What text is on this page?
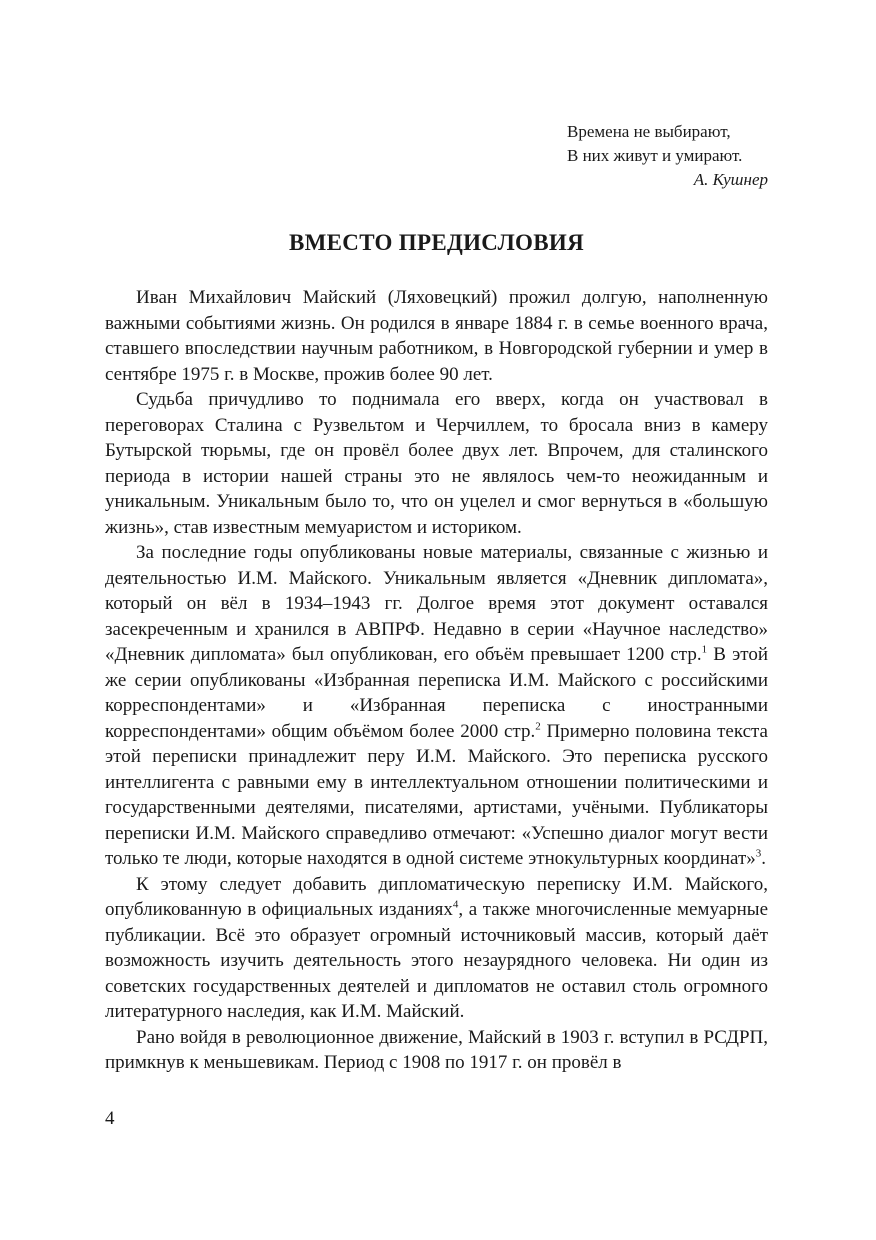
Времена не выбирают,
В них живут и умирают.
А. Кушнер
ВМЕСТО ПРЕДИСЛОВИЯ

Иван Михайлович Майский (Ляховецкий) прожил долгую, наполненную важными событиями жизнь. Он родился в январе 1884 г. в семье военного врача, ставшего впоследствии научным работником, в Новгородской губернии и умер в сентябре 1975 г. в Москве, прожив более 90 лет.

Судьба причудливо то поднимала его вверх, когда он участвовал в переговорах Сталина с Рузвельтом и Черчиллем, то бросала вниз в камеру Бутырской тюрьмы, где он провёл более двух лет. Впрочем, для сталинского периода в истории нашей страны это не являлось чем-то неожиданным и уникальным. Уникальным было то, что он уцелел и смог вернуться в «большую жизнь», став известным мемуаристом и историком.

За последние годы опубликованы новые материалы, связанные с жизнью и деятельностью И.М. Майского. Уникальным является «Дневник дипломата», который он вёл в 1934–1943 гг. Долгое время этот документ оставался засекреченным и хранился в АВПРФ. Недавно в серии «Научное наследство» «Дневник дипломата» был опубликован, его объём превышает 1200 стр.$^1$ В этой же серии опубликованы «Избранная переписка И.М. Майского с российскими корреспондентами» и «Избранная переписка с иностранными корреспондентами» общим объёмом более 2000 стр.$^2$ Примерно половина текста этой переписки принадлежит перу И.М. Майского. Это переписка русского интеллигента с равными ему в интеллектуальном отношении политическими и государственными деятелями, писателями, артистами, учёными. Публикаторы переписки И.М. Майского справедливо отмечают: «Успешно диалог могут вести только те люди, которые находятся в одной системе этнокультурных координат»$^3$.

К этому следует добавить дипломатическую переписку И.М. Майского, опубликованную в официальных изданиях$^4$, а также многочисленные мемуарные публикации. Всё это образует огромный источниковый массив, который даёт возможность изучить деятельность этого незаурядного человека. Ни один из советских государственных деятелей и дипломатов не оставил столь огромного литературного наследия, как И.М. Майский.

Рано войдя в революционное движение, Майский в 1903 г. вступил в РСДРП, примкнув к меньшевикам. Период с 1908 по 1917 г. он провёл в

4
